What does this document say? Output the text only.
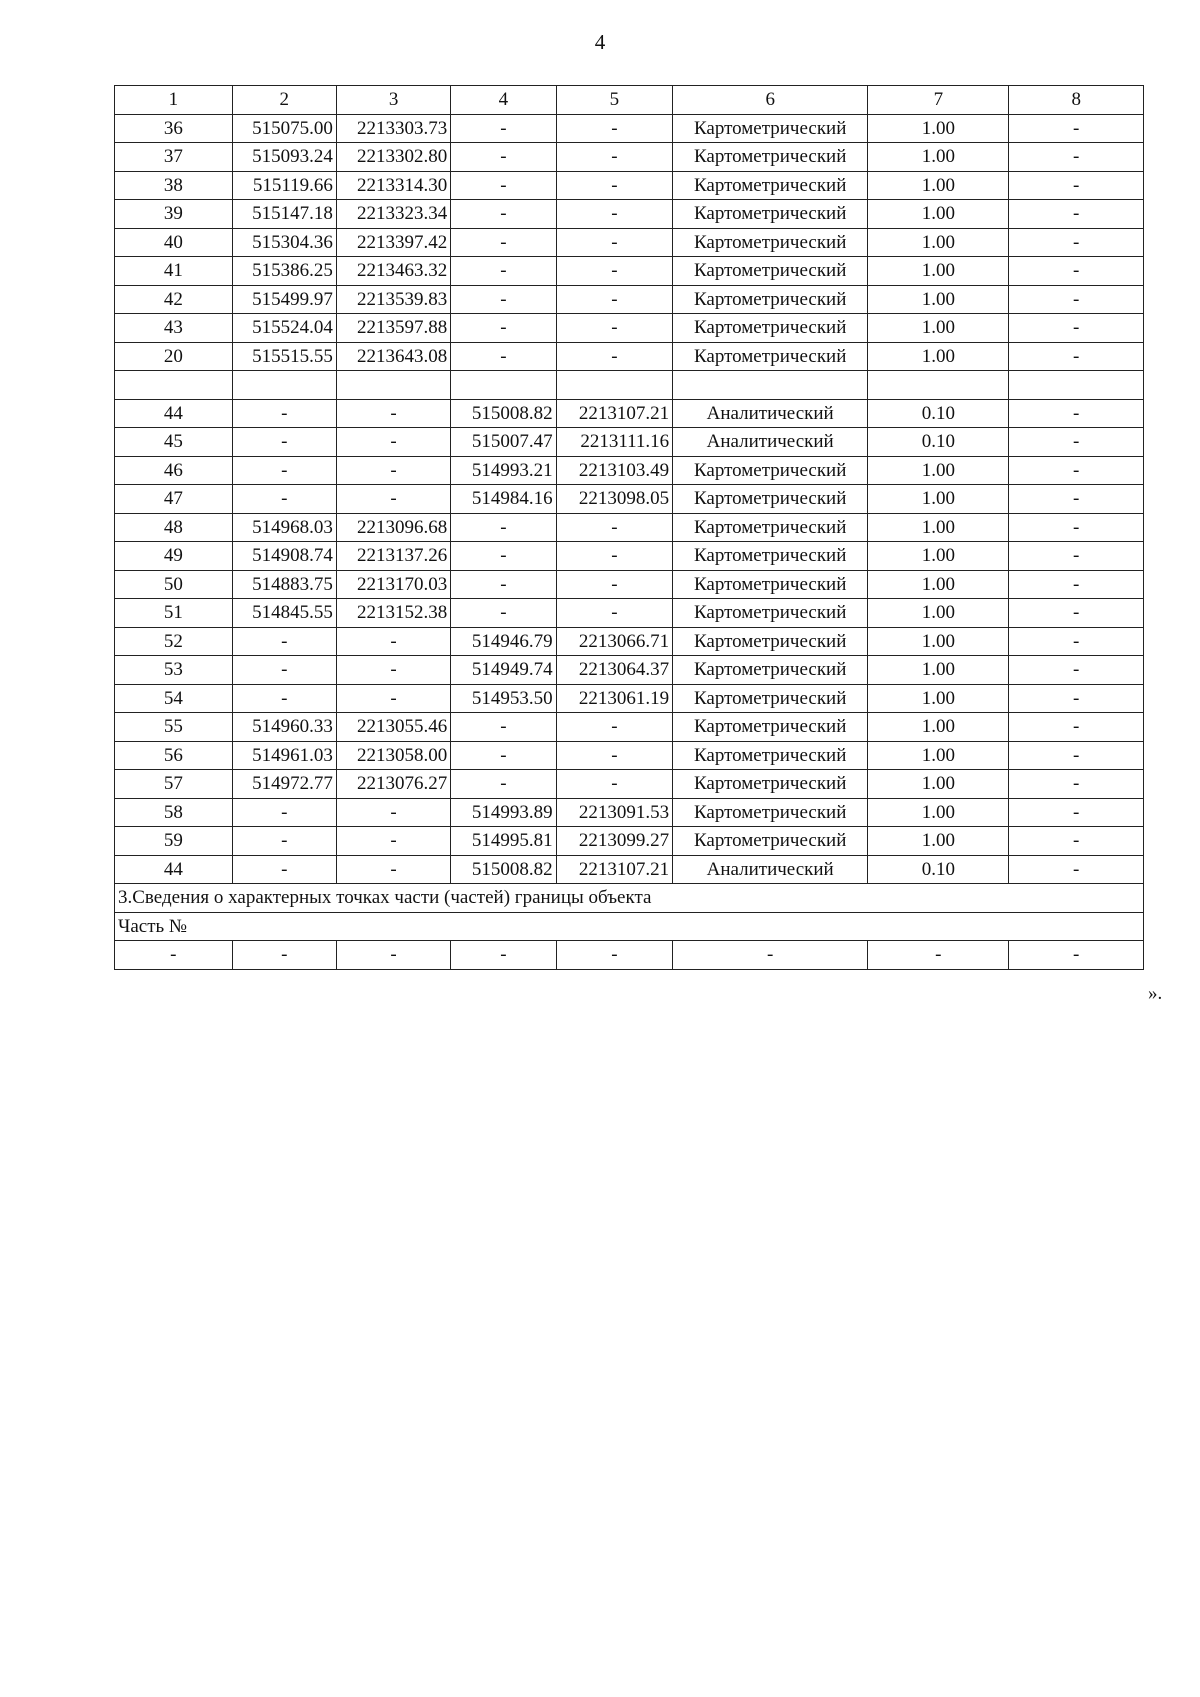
4
1	2	3	4	5	6	7	8
36	515075.00	2213303.73	-	-	Картометрический	1.00	-
37	515093.24	2213302.80	-	-	Картометрический	1.00	-
38	515119.66	2213314.30	-	-	Картометрический	1.00	-
39	515147.18	2213323.34	-	-	Картометрический	1.00	-
40	515304.36	2213397.42	-	-	Картометрический	1.00	-
41	515386.25	2213463.32	-	-	Картометрический	1.00	-
42	515499.97	2213539.83	-	-	Картометрический	1.00	-
43	515524.04	2213597.88	-	-	Картометрический	1.00	-
20	515515.55	2213643.08	-	-	Картометрический	1.00	-

44	-	-	515008.82	2213107.21	Аналитический	0.10	-
45	-	-	515007.47	2213111.16	Аналитический	0.10	-
46	-	-	514993.21	2213103.49	Картометрический	1.00	-
47	-	-	514984.16	2213098.05	Картометрический	1.00	-
48	514968.03	2213096.68	-	-	Картометрический	1.00	-
49	514908.74	2213137.26	-	-	Картометрический	1.00	-
50	514883.75	2213170.03	-	-	Картометрический	1.00	-
51	514845.55	2213152.38	-	-	Картометрический	1.00	-
52	-	-	514946.79	2213066.71	Картометрический	1.00	-
53	-	-	514949.74	2213064.37	Картометрический	1.00	-
54	-	-	514953.50	2213061.19	Картометрический	1.00	-
55	514960.33	2213055.46	-	-	Картометрический	1.00	-
56	514961.03	2213058.00	-	-	Картометрический	1.00	-
57	514972.77	2213076.27	-	-	Картометрический	1.00	-
58	-	-	514993.89	2213091.53	Картометрический	1.00	-
59	-	-	514995.81	2213099.27	Картометрический	1.00	-
44	-	-	515008.82	2213107.21	Аналитический	0.10	-
3.Сведения о характерных точках части (частей) границы объекта							
Часть №							
-	-	-	-	-	-	-	-
».
